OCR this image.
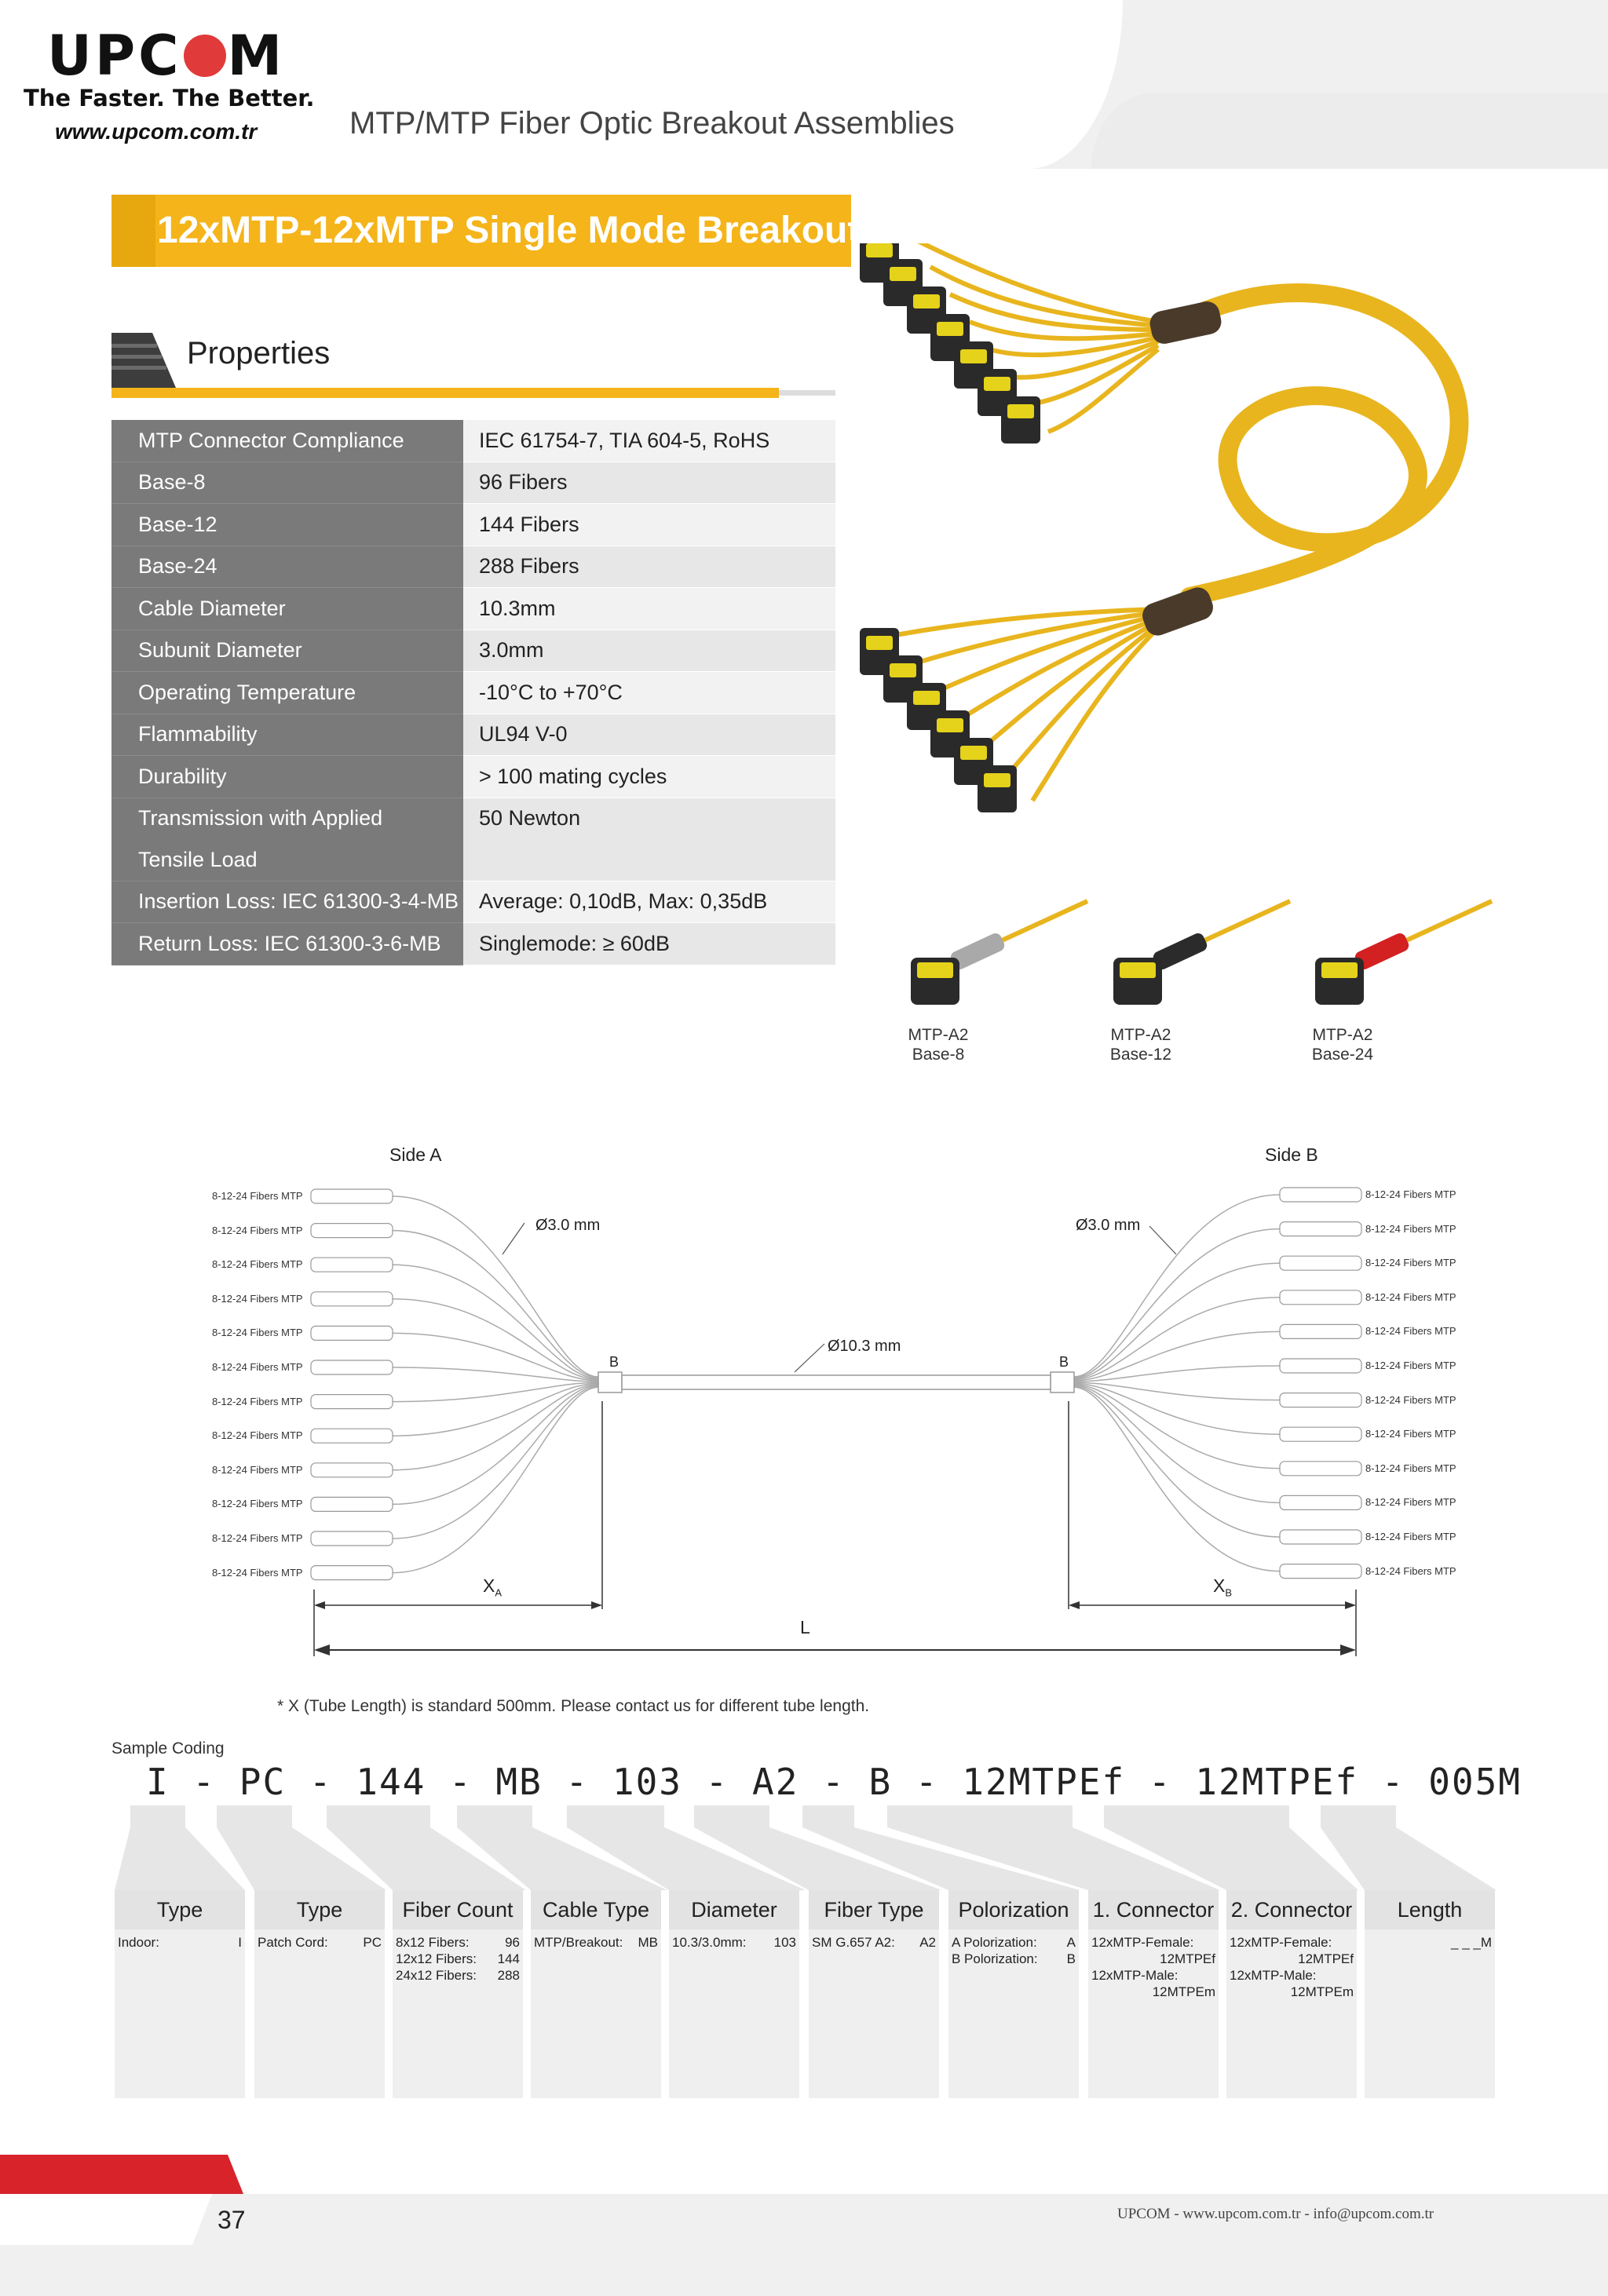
UPC M
The Faster. The Better.
www.upcom.com.tr	MTP/MTP Fiber Optic Breakout Assemblies
12xMTP-12xMTP Single Mode Breakout
Properties
MTP Connector Compliance	IEC 61754-7, TIA 604-5, RoHS
Base-8	96 Fibers
Base-12	144 Fibers
Base-24	288 Fibers
Cable Diameter	10.3mm
Subunit Diameter	3.0mm
Operating Temperature	-10°C to +70°C
Flammability	UL94 V-0
Durability	> 100 mating cycles
Transmission with Applied	50 Newton
Tensile Load	
Insertion Loss: IEC 61300-3-4-MB	Average: 0,10dB, Max: 0,35dB
Return Loss: IEC 61300-3-6-MB	Singlemode: ≥ 60dB
MTP-A2
Base-8
MTP-A2
Base-12
MTP-A2
Base-24
Side A	Side B
Ø3.0 mm	Ø3.0 mm
Ø10.3 mm
B	B
$X_A$	$X_B$
L
8-12-24 Fibers MTP	8-12-24 Fibers MTP
8-12-24 Fibers MTP	8-12-24 Fibers MTP
8-12-24 Fibers MTP	8-12-24 Fibers MTP
8-12-24 Fibers MTP	8-12-24 Fibers MTP
8-12-24 Fibers MTP	8-12-24 Fibers MTP
8-12-24 Fibers MTP	8-12-24 Fibers MTP
8-12-24 Fibers MTP	8-12-24 Fibers MTP
8-12-24 Fibers MTP	8-12-24 Fibers MTP
8-12-24 Fibers MTP	8-12-24 Fibers MTP
8-12-24 Fibers MTP	8-12-24 Fibers MTP
8-12-24 Fibers MTP	8-12-24 Fibers MTP
8-12-24 Fibers MTP	8-12-24 Fibers MTP
* X (Tube Length) is standard 500mm. Please contact us for different tube length.
Sample Coding
I - PC - 144 - MB - 103 - A2 - B - 12MTPEf - 12MTPEf - 005M
Type
Indoor:	I
Type
Patch Cord:	PC
Fiber Count
8x12 Fibers:	96
12x12 Fibers: 144
24x12 Fibers: 288
Cable Type
MTP/Breakout: MB
Diameter
10.3/3.0mm: 103
Fiber Type
SM G.657 A2: A2
Polorization
A Polorization: A
B Polorization: B
1. Connector
12xMTP-Female:
12MTPEf
12xMTP-Male:
12MTPEm
2. Connector
12xMTP-Female:
12MTPEf
12xMTP-Male:
12MTPEm
Length
_ _ _M
37	UPCOM - www.upcom.com.tr - info@upcom.com.tr
